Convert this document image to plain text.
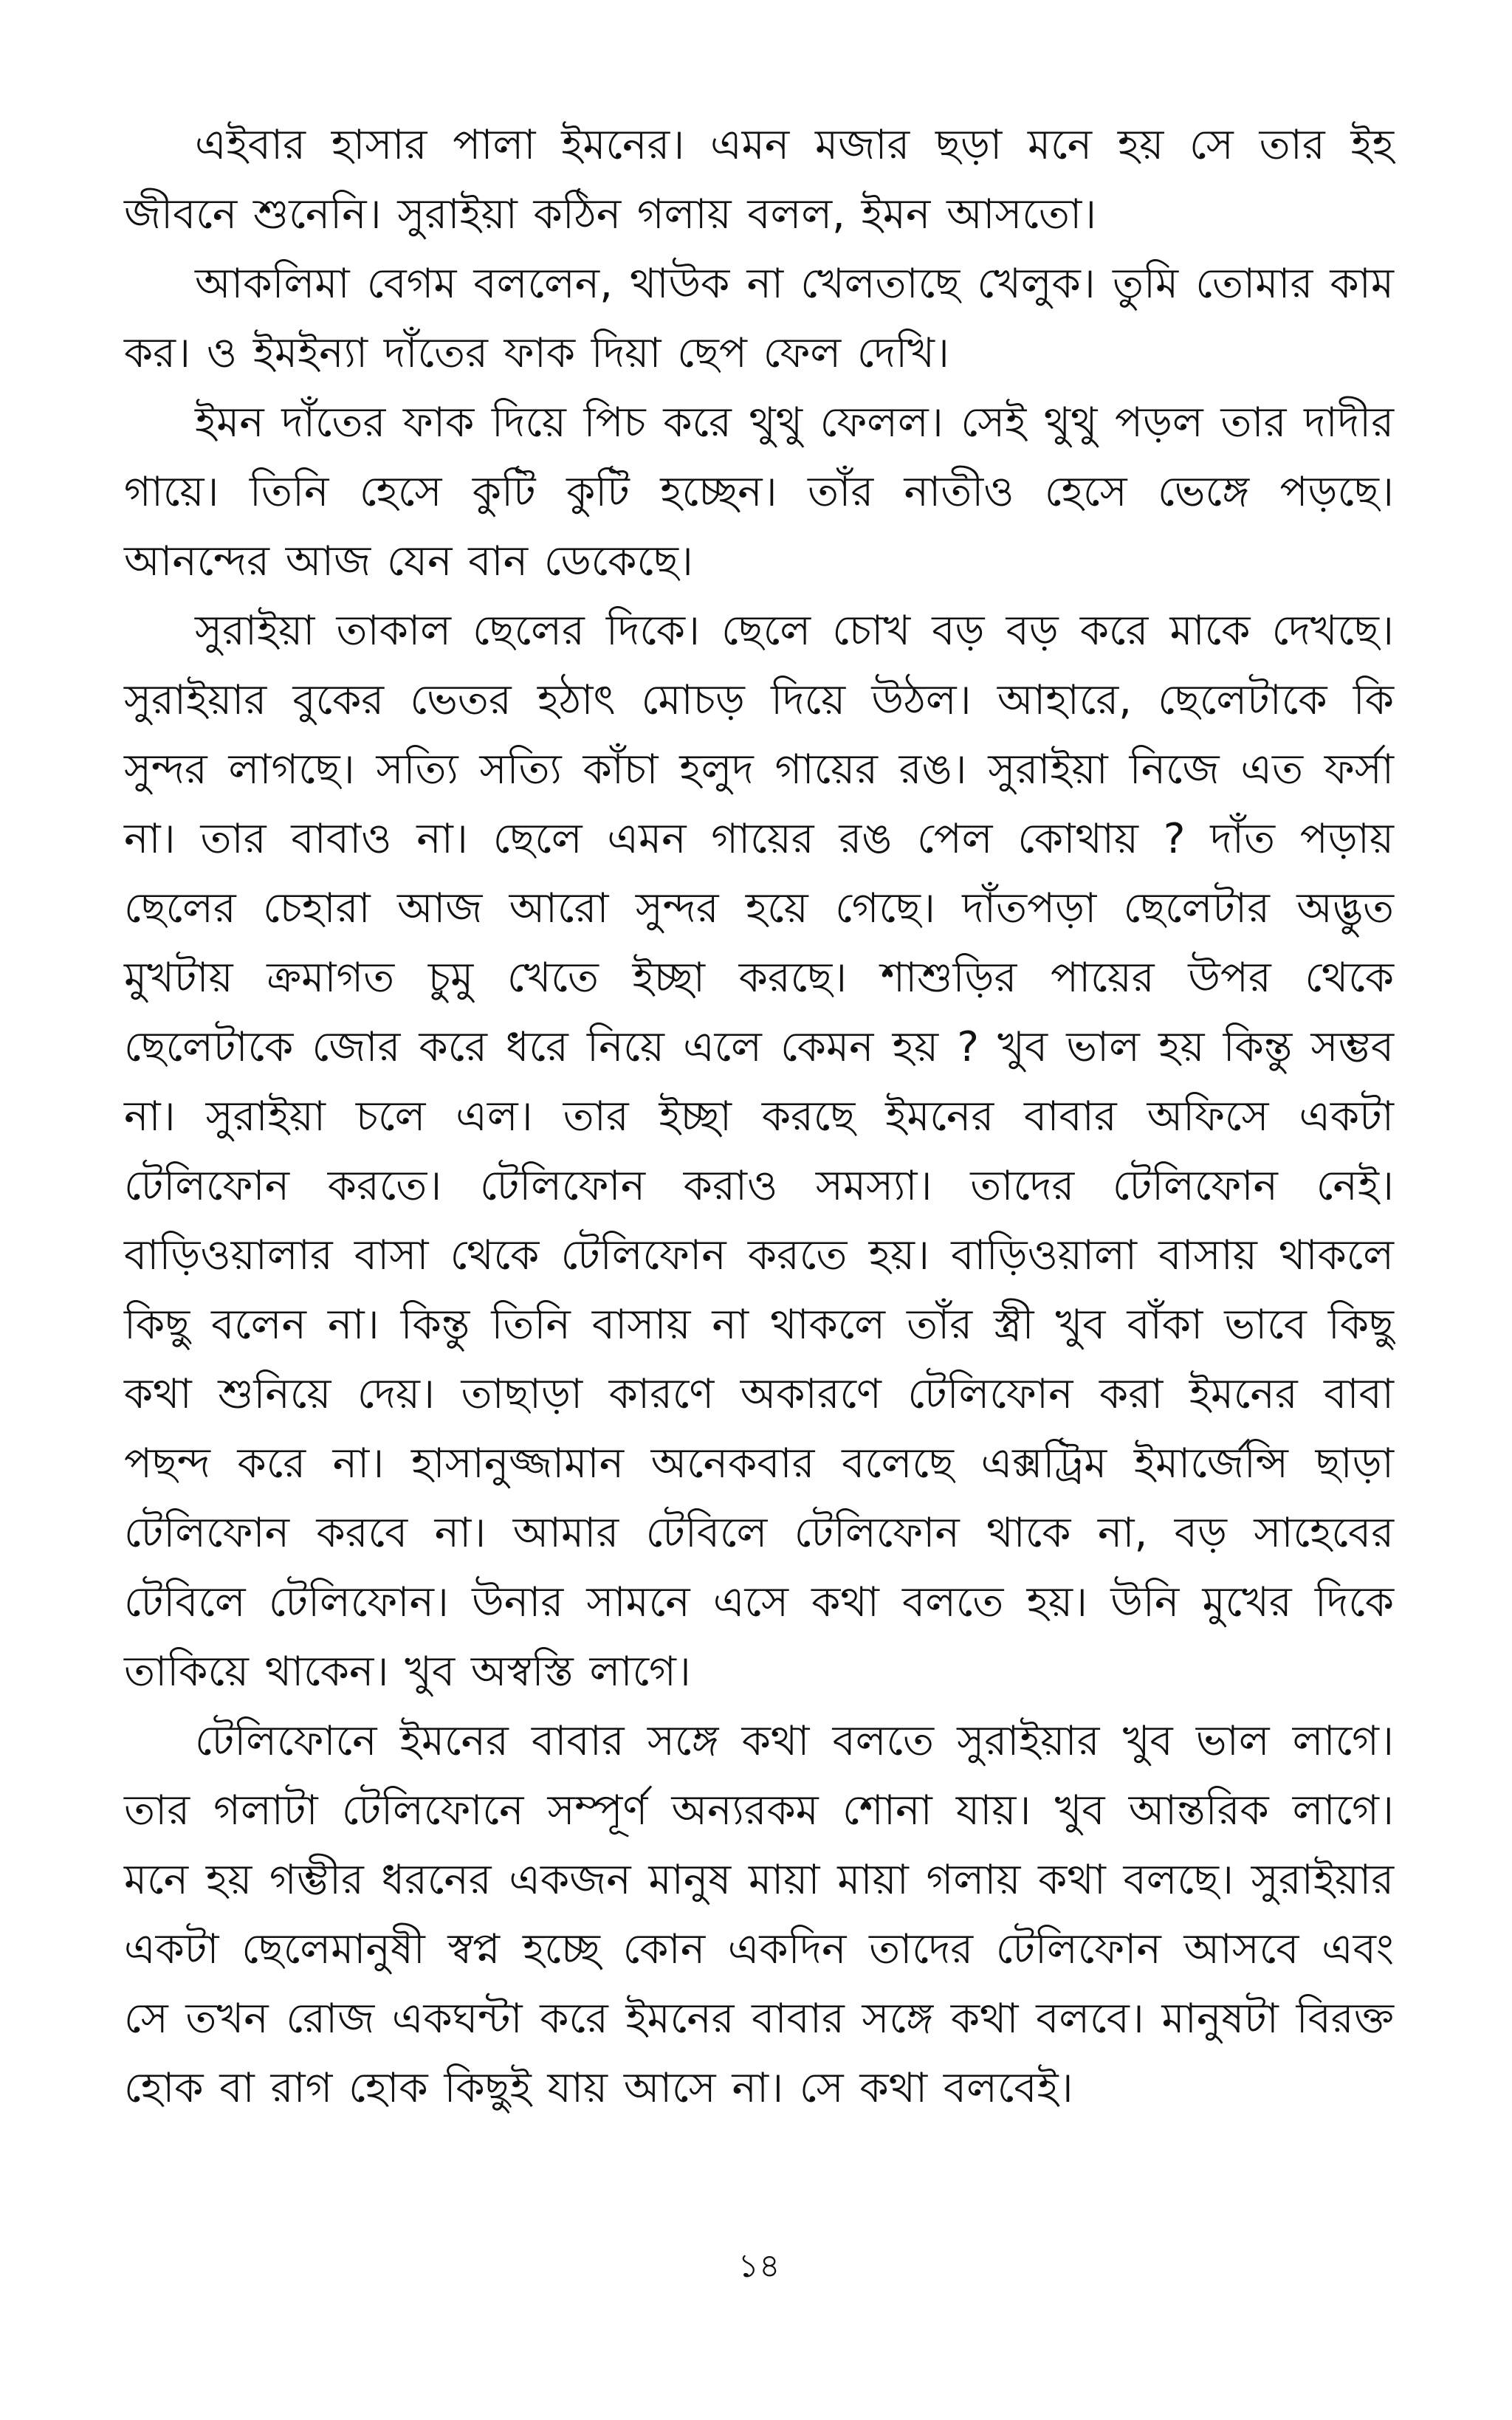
এইবার হাসার পালা ইমনের। এমন মজার ছড়া মনে হয় সে তার ইহ জীবনে শুনেনি। সুরাইয়া কঠিন গলায় বলল, ইমন আসতো।

আকলিমা বেগম বললেন, থাউক না খেলতাছে খেলুক। তুমি তোমার কাম কর। ও ইমইন্যা দাঁতের ফাক দিয়া ছেপ ফেল দেখি।

ইমন দাঁতের ফাক দিয়ে পিচ করে থুথু ফেলল। সেই থুথু পড়ল তার দাদীর গায়ে। তিনি হেসে কুটি কুটি হচ্ছেন। তাঁর নাতীও হেসে ভেঙ্গে পড়ছে। আনন্দের আজ যেন বান ডেকেছে।

সুরাইয়া তাকাল ছেলের দিকে। ছেলে চোখ বড় বড় করে মাকে দেখছে। সুরাইয়ার বুকের ভেতর হঠাৎ মোচড় দিয়ে উঠল। আহারে, ছেলেটাকে কি সুন্দর লাগছে। সত্যি সত্যি কাঁচা হলুদ গায়ের রঙ। সুরাইয়া নিজে এত ফর্সা না। তার বাবাও না। ছেলে এমন গায়ের রঙ পেল কোথায় ? দাঁত পড়ায় ছেলের চেহারা আজ আরো সুন্দর হয়ে গেছে। দাঁতপড়া ছেলেটার অদ্ভুত মুখটায় ক্রমাগত চুমু খেতে ইচ্ছা করছে। শাশুড়ির পায়ের উপর থেকে ছেলেটাকে জোর করে ধরে নিয়ে এলে কেমন হয় ? খুব ভাল হয় কিন্তু সম্ভব না। সুরাইয়া চলে এল। তার ইচ্ছা করছে ইমনের বাবার অফিসে একটা টেলিফোন করতে। টেলিফোন করাও সমস্যা। তাদের টেলিফোন নেই। বাড়িওয়ালার বাসা থেকে টেলিফোন করতে হয়। বাড়িওয়ালা বাসায় থাকলে কিছু বলেন না। কিন্তু তিনি বাসায় না থাকলে তাঁর স্ত্রী খুব বাঁকা ভাবে কিছু কথা শুনিয়ে দেয়। তাছাড়া কারণে অকারণে টেলিফোন করা ইমনের বাবা পছন্দ করে না। হাসানুজ্জামান অনেকবার বলেছে এক্সট্রিম ইমার্জেন্সি ছাড়া টেলিফোন করবে না। আমার টেবিলে টেলিফোন থাকে না, বড় সাহেবের টেবিলে টেলিফোন। উনার সামনে এসে কথা বলতে হয়। উনি মুখের দিকে তাকিয়ে থাকেন। খুব অস্বস্তি লাগে।

টেলিফোনে ইমনের বাবার সঙ্গে কথা বলতে সুরাইয়ার খুব ভাল লাগে। তার গলাটা টেলিফোনে সম্পূর্ণ অন্যরকম শোনা যায়। খুব আন্তরিক লাগে। মনে হয় গম্ভীর ধরনের একজন মানুষ মায়া মায়া গলায় কথা বলছে। সুরাইয়ার একটা ছেলেমানুষী স্বপ্ন হচ্ছে কোন একদিন তাদের টেলিফোন আসবে এবং সে তখন রোজ একঘন্টা করে ইমনের বাবার সঙ্গে কথা বলবে। মানুষটা বিরক্ত হোক বা রাগ হোক কিছুই যায় আসে না। সে কথা বলবেই।

১৪
